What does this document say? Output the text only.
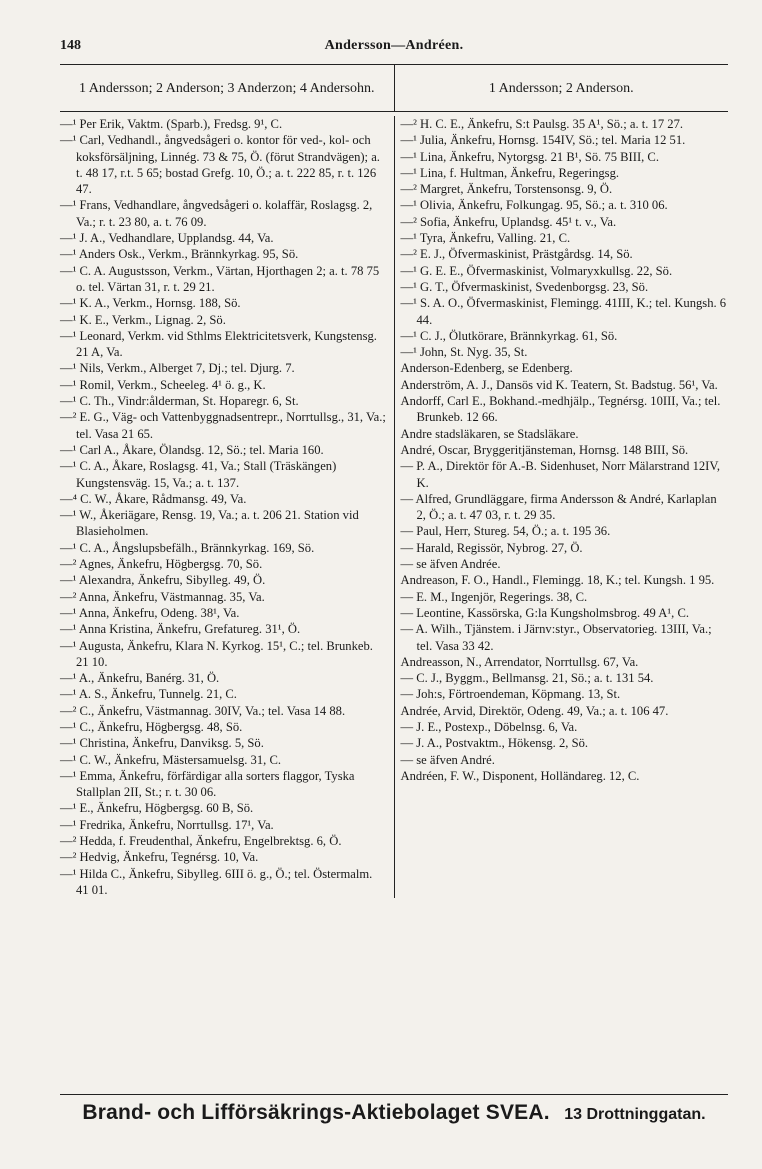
148	Andersson—Andréen.
1 Andersson; 2 Anderson; 3 Anderzon; 4 Andersohn.	1 Andersson; 2 Anderson.

—¹ Per Erik, Vaktm. (Sparb.), Fredsg. 9¹, C.

—¹ Carl, Vedhandl., ångvedsågeri o. kontor för ved-, kol- och koksförsäljning, Linnég. 73 & 75, Ö. (förut Strandvägen); a. t. 48 17, r.t. 5 65; bostad Grefg. 10, Ö.; a. t. 222 85, r. t. 126 47.

—¹ Frans, Vedhandlare, ångvedsågeri o. kolaffär, Roslagsg. 2, Va.; r. t. 23 80, a. t. 76 09.

—¹ J. A., Vedhandlare, Upplandsg. 44, Va.

—¹ Anders Osk., Verkm., Brännkyrkag. 95, Sö.

—¹ C. A. Augustsson, Verkm., Värtan, Hjorthagen 2; a. t. 78 75 o. tel. Värtan 31, r. t. 29 21.

—¹ K. A., Verkm., Hornsg. 188, Sö.

—¹ K. E., Verkm., Lignag. 2, Sö.

—¹ Leonard, Verkm. vid Sthlms Elektricitetsverk, Kungstensg. 21 A, Va.

—¹ Nils, Verkm., Alberget 7, Dj.; tel. Djurg. 7.

—¹ Romil, Verkm., Scheeleg. 4¹ ö. g., K.

—¹ C. Th., Vindr:ålderman, St. Hoparegr. 6, St.

—² E. G., Väg- och Vattenbyggnadsentrepr., Norrtullsg., 31, Va.; tel. Vasa 21 65.

—¹ Carl A., Åkare, Ölandsg. 12, Sö.; tel. Maria 160.

—¹ C. A., Åkare, Roslagsg. 41, Va.; Stall (Träskängen) Kungstensväg. 15, Va.; a. t. 137.

—⁴ C. W., Åkare, Rådmansg. 49, Va.

—¹ W., Åkeriägare, Rensg. 19, Va.; a. t. 206 21. Station vid Blasieholmen.

—¹ C. A., Ångslupsbefälh., Brännkyrkag. 169, Sö.

—² Agnes, Änkefru, Högbergsg. 70, Sö.

—¹ Alexandra, Änkefru, Sibylleg. 49, Ö.

—² Anna, Änkefru, Västmannag. 35, Va.

—¹ Anna, Änkefru, Odeng. 38¹, Va.

—¹ Anna Kristina, Änkefru, Grefatureg. 31¹, Ö.

—¹ Augusta, Änkefru, Klara N. Kyrkog. 15¹, C.; tel. Brunkeb. 21 10.

—¹ A., Änkefru, Banérg. 31, Ö.

—¹ A. S., Änkefru, Tunnelg. 21, C.

—² C., Änkefru, Västmannag. 30IV, Va.; tel. Vasa 14 88.

—¹ C., Änkefru, Högbergsg. 48, Sö.

—¹ Christina, Änkefru, Danviksg. 5, Sö.

—¹ C. W., Änkefru, Mästersamuelsg. 31, C.

—¹ Emma, Änkefru, förfärdigar alla sorters flaggor, Tyska Stallplan 2II, St.; r. t. 30 06.

—¹ E., Änkefru, Högbergsg. 60 B, Sö.

—¹ Fredrika, Änkefru, Norrtullsg. 17¹, Va.

—² Hedda, f. Freudenthal, Änkefru, Engelbrektsg. 6, Ö.

—² Hedvig, Änkefru, Tegnérsg. 10, Va.

—¹ Hilda C., Änkefru, Sibylleg. 6III ö. g., Ö.; tel. Östermalm. 41 01.

—² H. C. E., Änkefru, S:t Paulsg. 35 A¹, Sö.; a. t. 17 27.

—¹ Julia, Änkefru, Hornsg. 154IV, Sö.; tel. Maria 12 51.

—¹ Lina, Änkefru, Nytorgsg. 21 B¹, Sö. 75 BIII, C.

—¹ Lina, f. Hultman, Änkefru, Regeringsg.

—² Margret, Änkefru, Torstensonsg. 9, Ö.

—¹ Olivia, Änkefru, Folkungag. 95, Sö.; a. t. 310 06.

—² Sofia, Änkefru, Uplandsg. 45¹ t. v., Va.

—¹ Tyra, Änkefru, Valling. 21, C.

—² E. J., Öfvermaskinist, Prästgårdsg. 14, Sö.

—¹ G. E. E., Öfvermaskinist, Volmaryxkullsg. 22, Sö.

—¹ G. T., Öfvermaskinist, Svedenborgsg. 23, Sö.

—¹ S. A. O., Öfvermaskinist, Flemingg. 41III, K.; tel. Kungsh. 6 44.

—¹ C. J., Ölutkörare, Brännkyrkag. 61, Sö.

—¹ John, St. Nyg. 35, St.

Anderson-Edenberg, se Edenberg.

Anderström, A. J., Dansös vid K. Teatern, St. Badstug. 56¹, Va.

Andorff, Carl E., Bokhand.-medhjälp., Tegnérsg. 10III, Va.; tel. Brunkeb. 12 66.

Andre stadsläkaren, se Stadsläkare.

André, Oscar, Bryggeritjänsteman, Hornsg. 148 BIII, Sö.

— P. A., Direktör för A.-B. Sidenhuset, Norr Mälarstrand 12IV, K.

— Alfred, Grundläggare, firma Andersson & André, Karlaplan 2, Ö.; a. t. 47 03, r. t. 29 35.

— Paul, Herr, Stureg. 54, Ö.; a. t. 195 36.

— Harald, Regissör, Nybrog. 27, Ö.

— se äfven Andrée.

Andreason, F. O., Handl., Flemingg. 18, K.; tel. Kungsh. 1 95.

— E. M., Ingenjör, Regerings. 38, C.

— Leontine, Kassörska, G:la Kungsholmsbrog. 49 A¹, C.

— A. Wilh., Tjänstem. i Järnv:styr., Observatorieg. 13III, Va.; tel. Vasa 33 42.

Andreasson, N., Arrendator, Norrtullsg. 67, Va.

— C. J., Byggm., Bellmansg. 21, Sö.; a. t. 131 54.

— Joh:s, Förtroendeman, Köpmang. 13, St.

Andrée, Arvid, Direktör, Odeng. 49, Va.; a. t. 106 47.

— J. E., Postexp., Döbelnsg. 6, Va.

— J. A., Postvaktm., Hökensg. 2, Sö.

— se äfven André.

Andréen, F. W., Disponent, Holländareg. 12, C.

Brand- och Lifförsäkrings-Aktiebolaget SVEA. 13 Drottninggatan.
